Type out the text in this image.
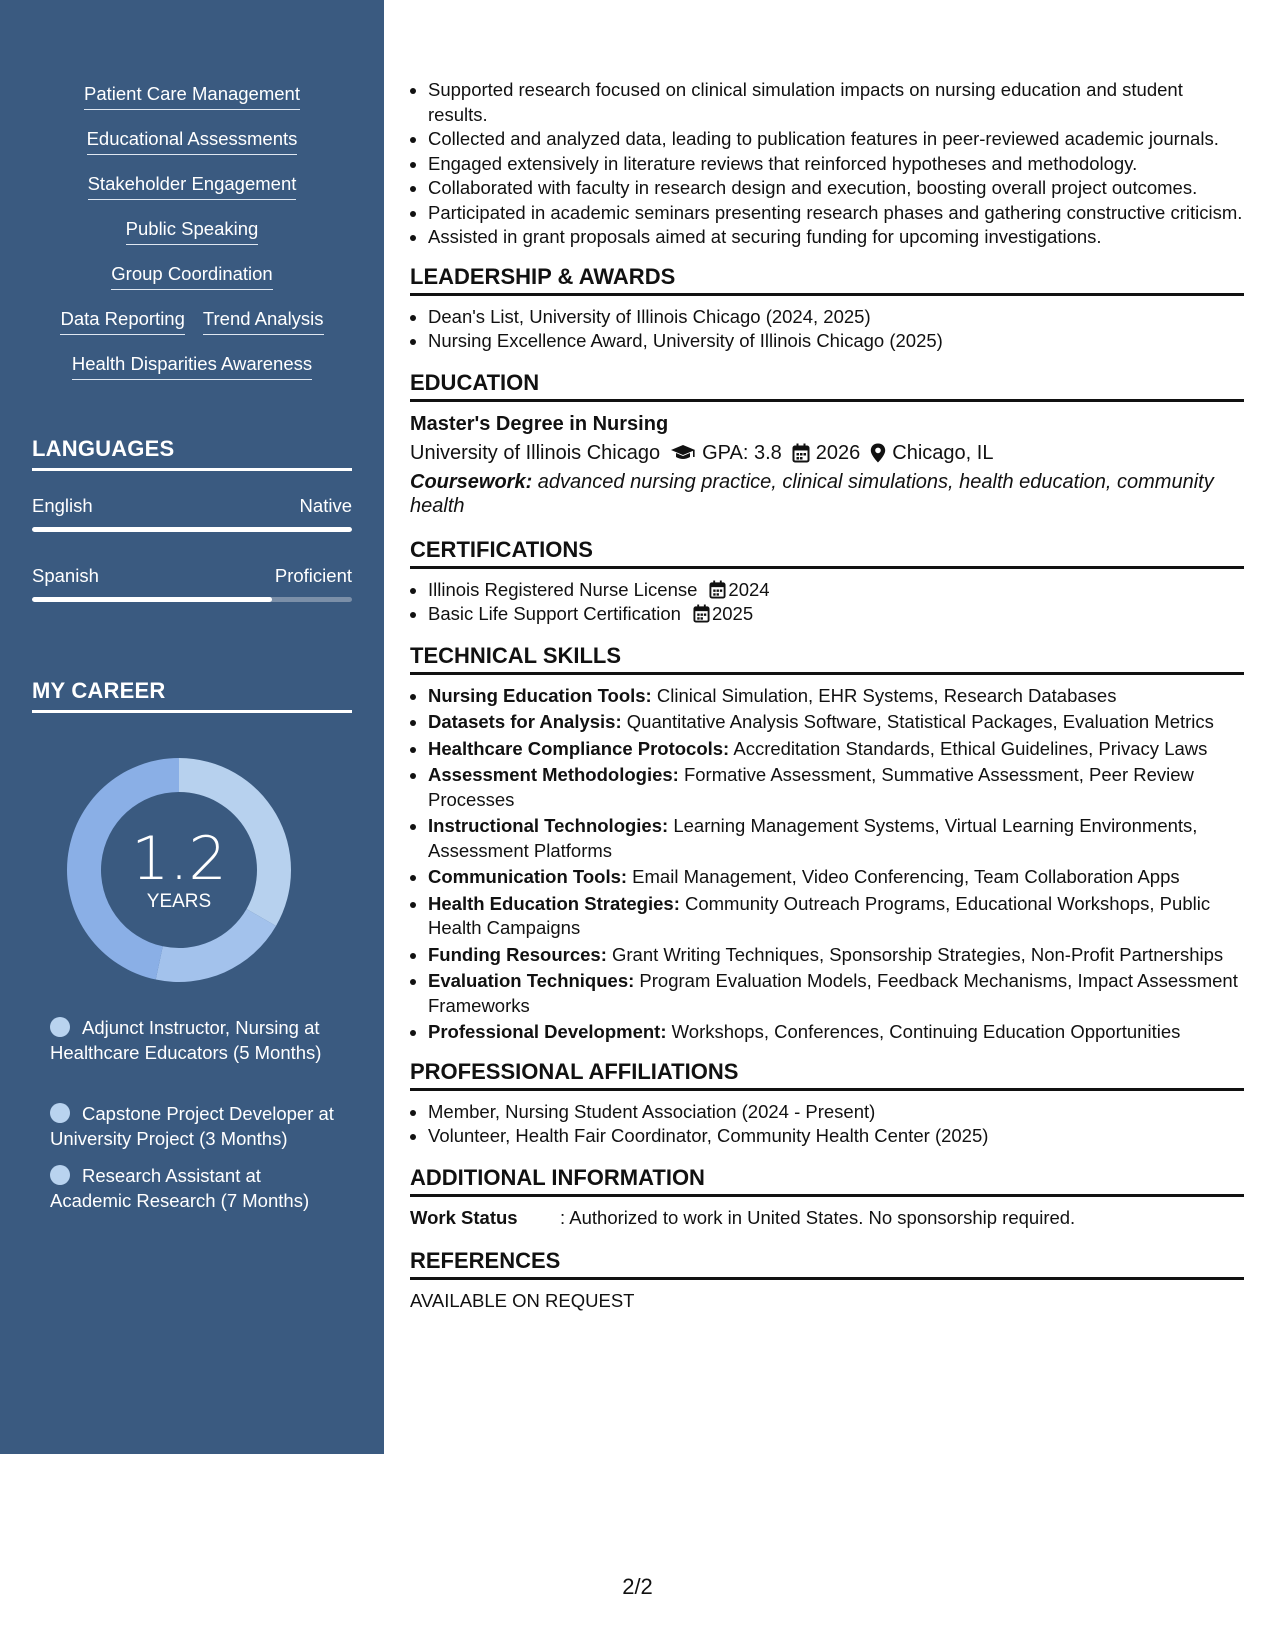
Patient Care Management
Educational Assessments
Stakeholder Engagement
Public Speaking
Group Coordination
Data Reporting Trend Analysis
Health Disparities Awareness
LANGUAGES
English	Native
Spanish	Proficient
MY CAREER
1.2
YEARS
Adjunct Instructor, Nursing at Healthcare Educators (5 Months)
Capstone Project Developer at University Project (3 Months)
Research Assistant at Academic Research (7 Months)
Supported research focused on clinical simulation impacts on nursing education and student results.
Collected and analyzed data, leading to publication features in peer-reviewed academic journals.
Engaged extensively in literature reviews that reinforced hypotheses and methodology.
Collaborated with faculty in research design and execution, boosting overall project outcomes.
Participated in academic seminars presenting research phases and gathering constructive criticism.
Assisted in grant proposals aimed at securing funding for upcoming investigations.
LEADERSHIP & AWARDS
Dean's List, University of Illinois Chicago (2024, 2025)
Nursing Excellence Award, University of Illinois Chicago (2025)
EDUCATION
Master's Degree in Nursing
University of Illinois Chicago GPA: 3.8 2026 Chicago, IL
Coursework: advanced nursing practice, clinical simulations, health education, community health
CERTIFICATIONS
Illinois Registered Nurse License 2024
Basic Life Support Certification 2025
TECHNICAL SKILLS
Nursing Education Tools: Clinical Simulation, EHR Systems, Research Databases
Datasets for Analysis: Quantitative Analysis Software, Statistical Packages, Evaluation Metrics
Healthcare Compliance Protocols: Accreditation Standards, Ethical Guidelines, Privacy Laws
Assessment Methodologies: Formative Assessment, Summative Assessment, Peer Review Processes
Instructional Technologies: Learning Management Systems, Virtual Learning Environments, Assessment Platforms
Communication Tools: Email Management, Video Conferencing, Team Collaboration Apps
Health Education Strategies: Community Outreach Programs, Educational Workshops, Public Health Campaigns
Funding Resources: Grant Writing Techniques, Sponsorship Strategies, Non-Profit Partnerships
Evaluation Techniques: Program Evaluation Models, Feedback Mechanisms, Impact Assessment Frameworks
Professional Development: Workshops, Conferences, Continuing Education Opportunities
PROFESSIONAL AFFILIATIONS
Member, Nursing Student Association (2024 - Present)
Volunteer, Health Fair Coordinator, Community Health Center (2025)
ADDITIONAL INFORMATION
Work Status	: Authorized to work in United States. No sponsorship required.
REFERENCES
AVAILABLE ON REQUEST
2/2
